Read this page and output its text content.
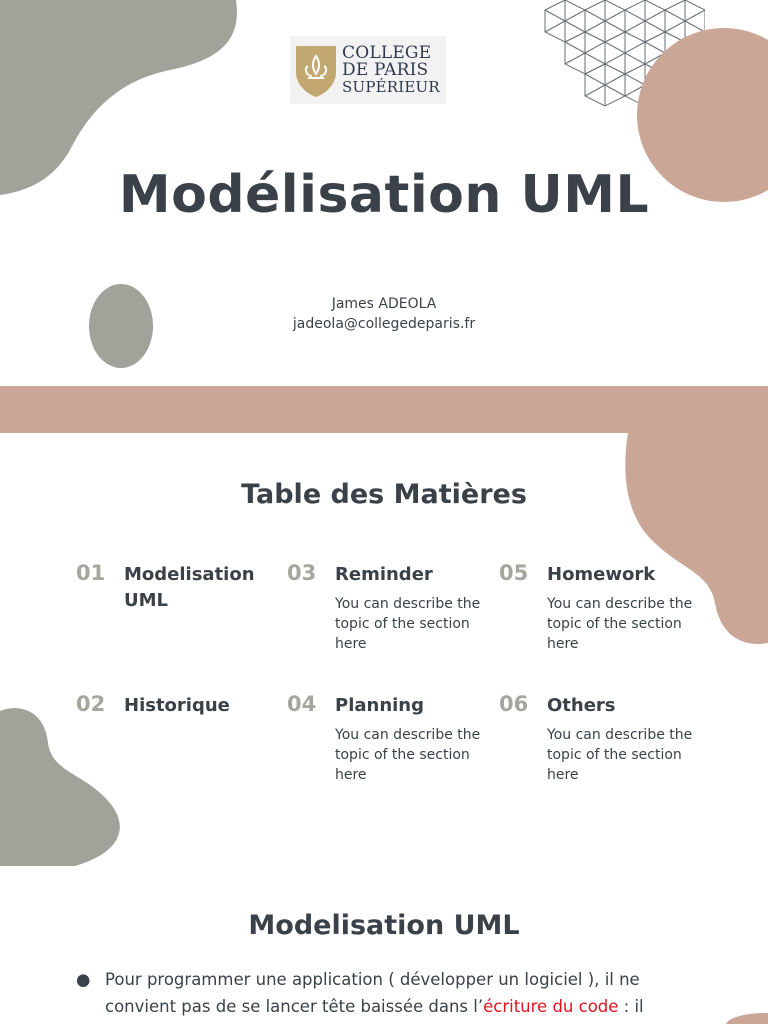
COLLEGE
DE PARIS
SUPÉRIEUR
Modélisation UML
James ADEOLA
jadeola@collegedeparis.fr
Table des Matières
01	Modelisation UML
02	Historique
03	Reminder
You can describe the topic of the section here
04	Planning
You can describe the topic of the section here
05	Homework
You can describe the topic of the section here
06	Others
You can describe the topic of the section here
Modelisation UML
● Pour programmer une application ( développer un logiciel ), il ne convient pas de se lancer tête baissée dans l’écriture du code : il
